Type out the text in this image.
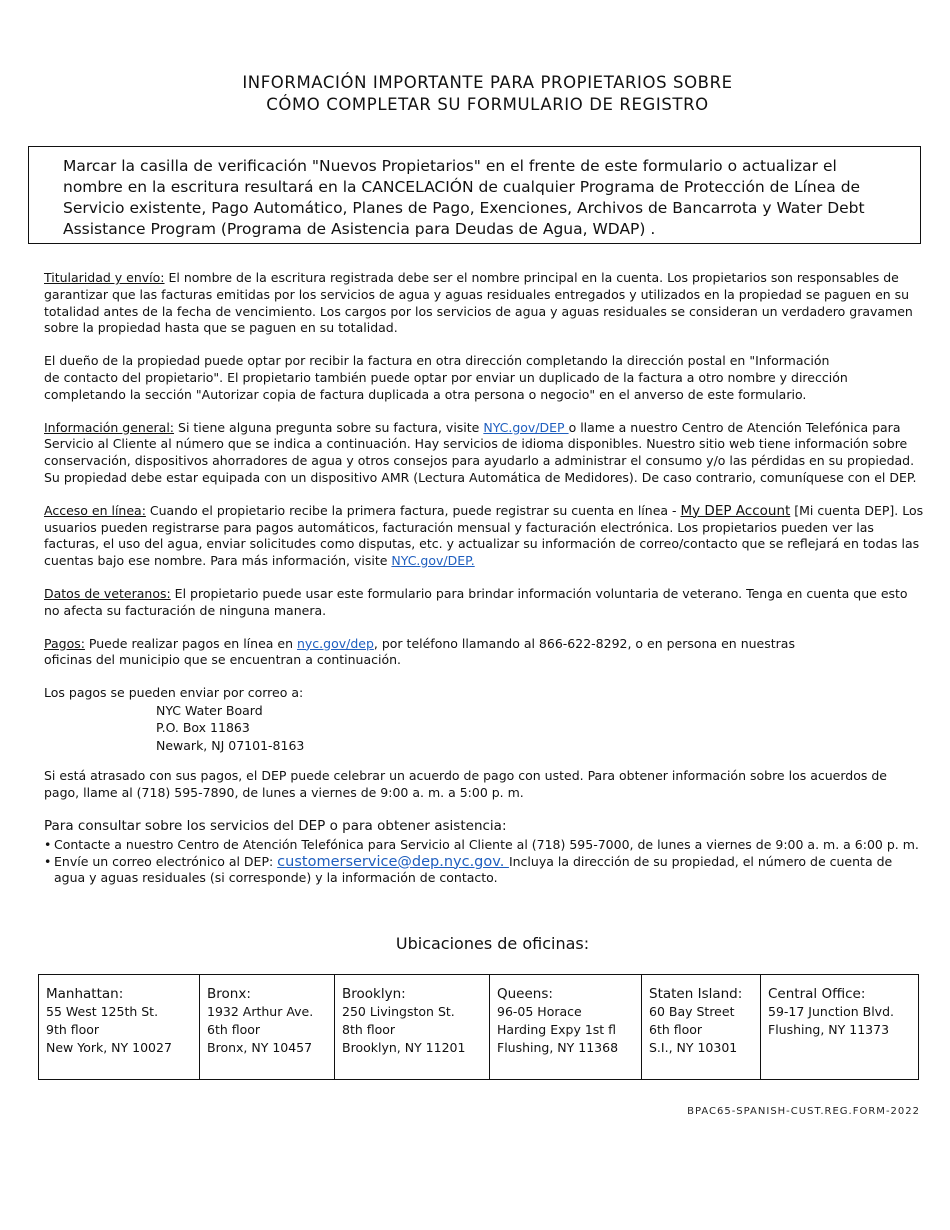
INFORMACIÓN IMPORTANTE PARA PROPIETARIOS SOBRE
CÓMO COMPLETAR SU FORMULARIO DE REGISTRO

Marcar la casilla de verificación "Nuevos Propietarios" en el frente de este formulario o actualizar el nombre en la escritura resultará en la CANCELACIÓN de cualquier Programa de Protección de Línea de Servicio existente, Pago Automático, Planes de Pago, Exenciones, Archivos de Bancarrota y Water Debt Assistance Program (Programa de Asistencia para Deudas de Agua, WDAP) .

Titularidad y envío: El nombre de la escritura registrada debe ser el nombre principal en la cuenta. Los propietarios son responsables de garantizar que las facturas emitidas por los servicios de agua y aguas residuales entregados y utilizados en la propiedad se paguen en su totalidad antes de la fecha de vencimiento. Los cargos por los servicios de agua y aguas residuales se consideran un verdadero gravamen sobre la propiedad hasta que se paguen en su totalidad.

El dueño de la propiedad puede optar por recibir la factura en otra dirección completando la dirección postal en "Información
de contacto del propietario". El propietario también puede optar por enviar un duplicado de la factura a otro nombre y dirección completando la sección "Autorizar copia de factura duplicada a otra persona o negocio" en el anverso de este formulario.

Información general: Si tiene alguna pregunta sobre su factura, visite NYC.gov/DEP o llame a nuestro Centro de Atención Telefónica para Servicio al Cliente al número que se indica a continuación. Hay servicios de idioma disponibles. Nuestro sitio web tiene información sobre conservación, dispositivos ahorradores de agua y otros consejos para ayudarlo a administrar el consumo y/o las pérdidas en su propiedad. Su propiedad debe estar equipada con un dispositivo AMR (Lectura Automática de Medidores). De caso contrario, comuníquese con el DEP.

Acceso en línea: Cuando el propietario recibe la primera factura, puede registrar su cuenta en línea - My DEP Account [Mi cuenta DEP]. Los usuarios pueden registrarse para pagos automáticos, facturación mensual y facturación electrónica. Los propietarios pueden ver las facturas, el uso del agua, enviar solicitudes como disputas, etc. y actualizar su información de correo/contacto que se reflejará en todas las cuentas bajo ese nombre. Para más información, visite NYC.gov/DEP.

Datos de veteranos: El propietario puede usar este formulario para brindar información voluntaria de veterano. Tenga en cuenta que esto no afecta su facturación de ninguna manera.

Pagos: Puede realizar pagos en línea en nyc.gov/dep, por teléfono llamando al 866-622-8292, o en persona en nuestras
oficinas del municipio que se encuentran a continuación.

Los pagos se pueden enviar por correo a:
NYC Water Board
P.O. Box 11863
Newark, NJ 07101-8163

Si está atrasado con sus pagos, el DEP puede celebrar un acuerdo de pago con usted. Para obtener información sobre los acuerdos de pago, llame al (718) 595-7890, de lunes a viernes de 9:00 a. m. a 5:00 p. m.

Para consultar sobre los servicios del DEP o para obtener asistencia:
• Contacte a nuestro Centro de Atención Telefónica para Servicio al Cliente al (718) 595-7000, de lunes a viernes de 9:00 a. m. a 6:00 p. m.
• Envíe un correo electrónico al DEP: customerservice@dep.nyc.gov. Incluya la dirección de su propiedad, el número de cuenta de agua y aguas residuales (si corresponde) y la información de contacto.
Ubicaciones de oficinas:
Manhattan:
55 West 125th St.
9th floor
New York, NY 10027

Bronx:
1932 Arthur Ave.
6th floor
Bronx, NY 10457

Brooklyn:
250 Livingston St.
8th floor
Brooklyn, NY 11201

Queens:
96-05 Horace
Harding Expy 1st fl
Flushing, NY 11368

Staten Island:
60 Bay Street
6th floor
S.I., NY 10301

Central Office:
59-17 Junction Blvd.
Flushing, NY 11373
BPAC65-SPANISH-CUST.REG.FORM-2022
